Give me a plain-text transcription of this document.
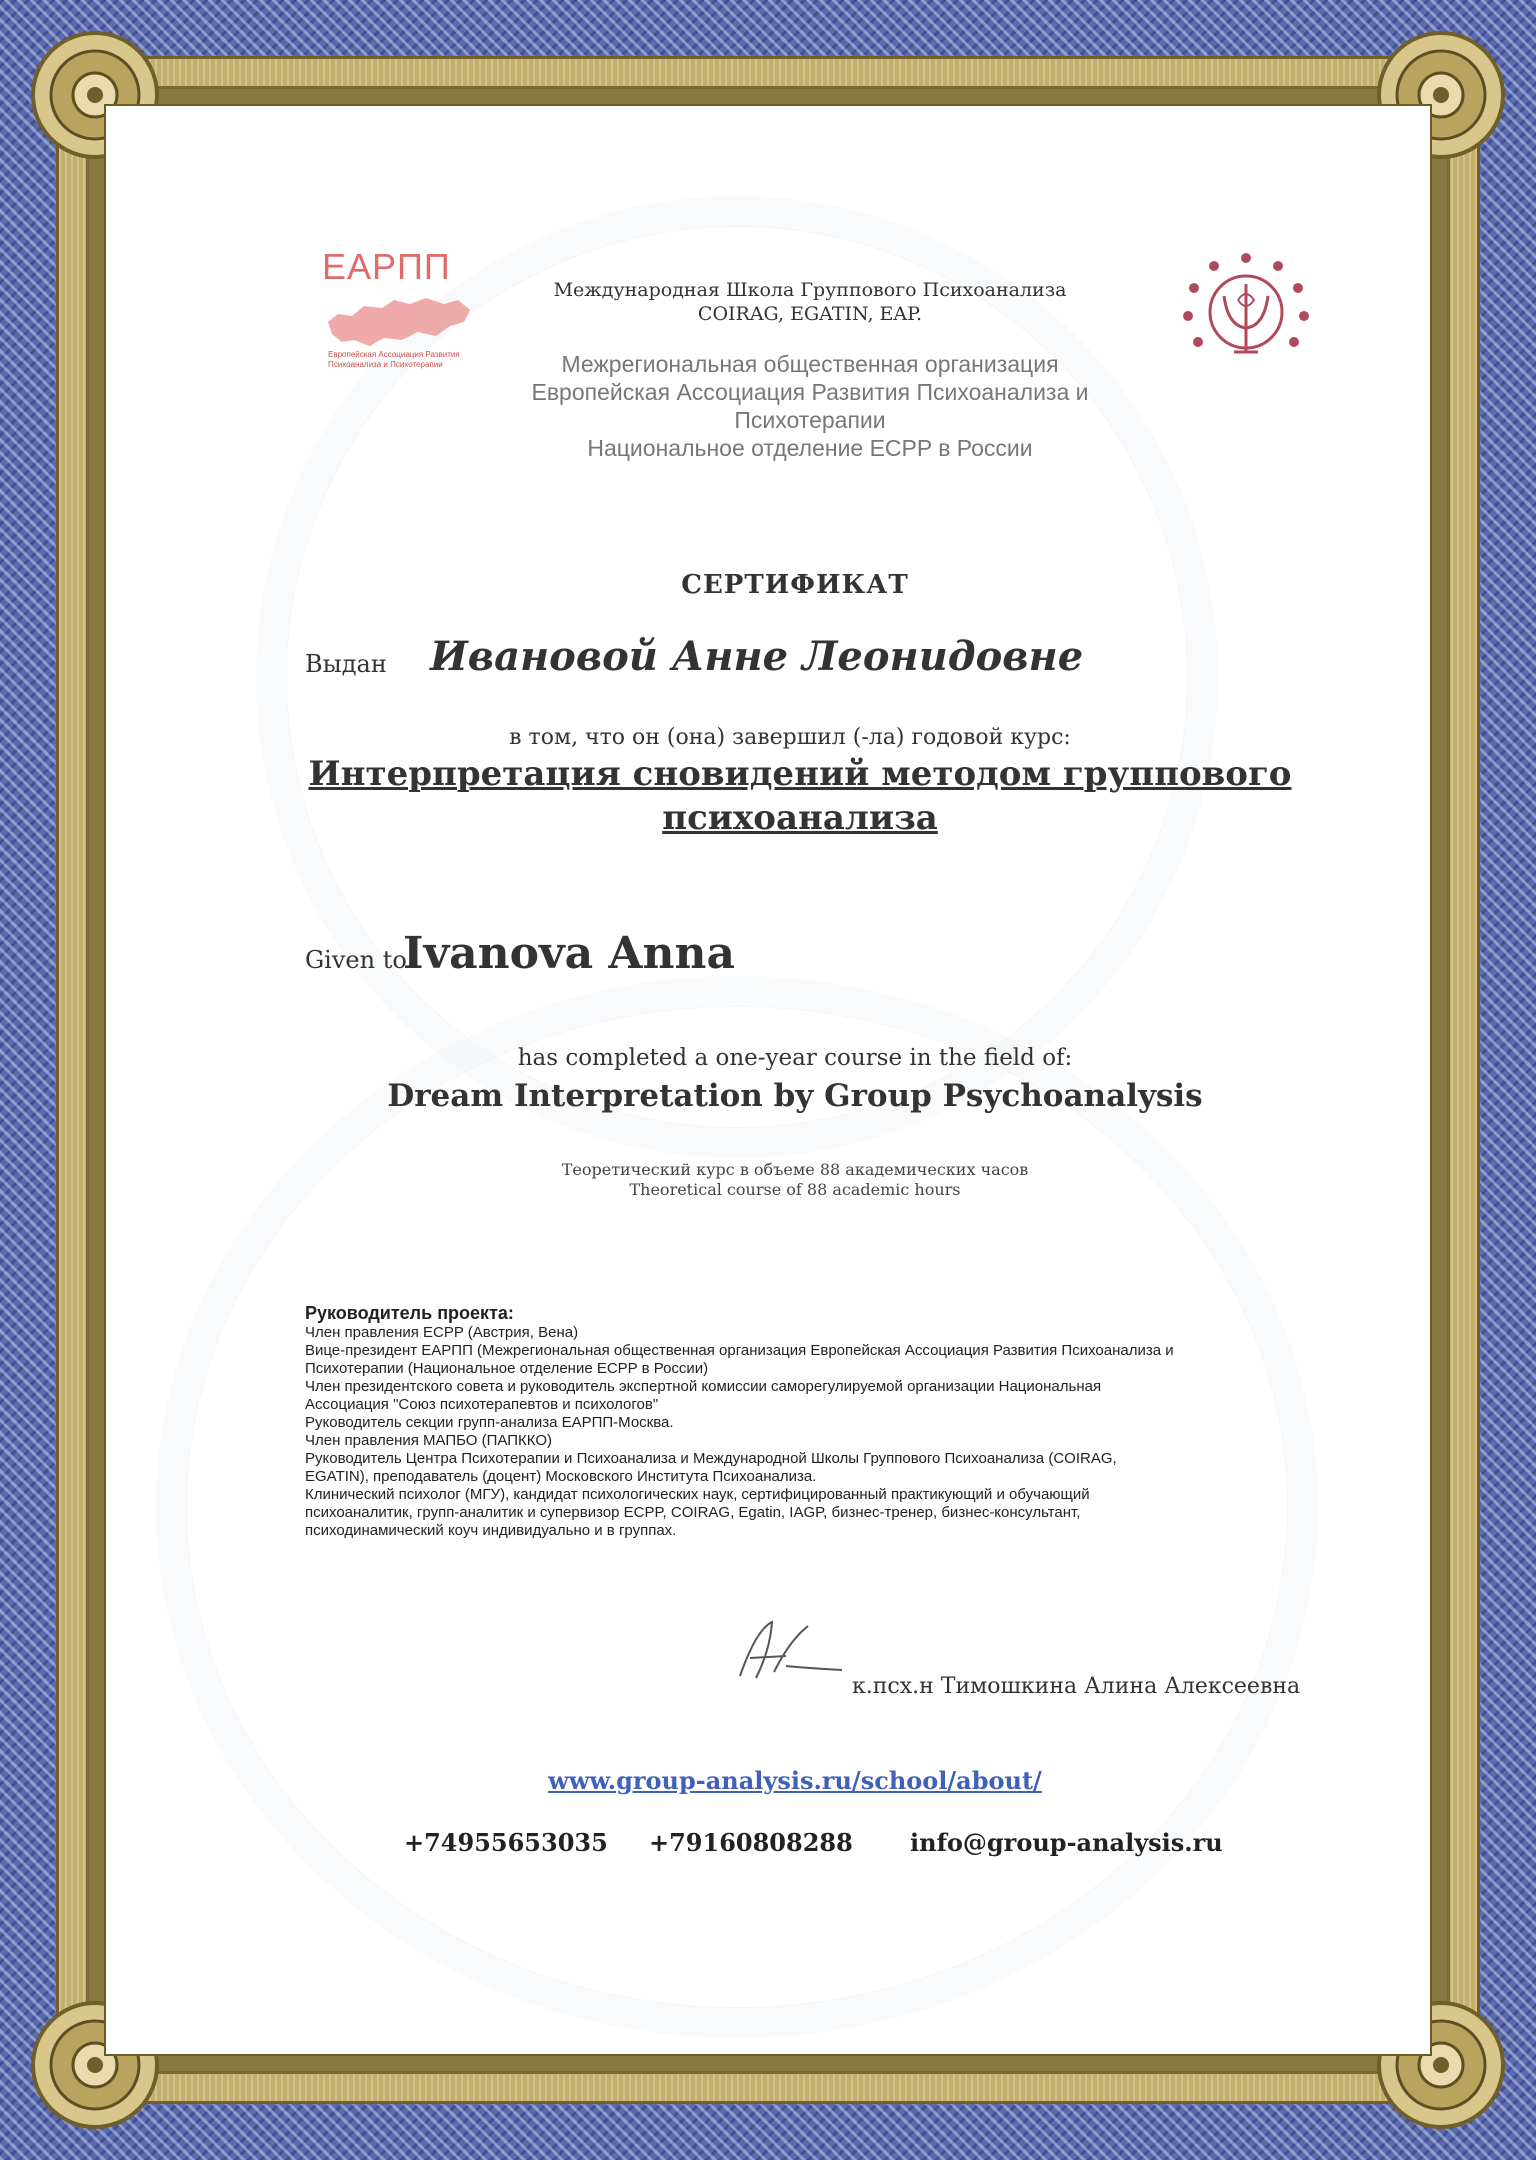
ЕАРПП
Европейская Ассоциация Развития Психоанализа и Психотерапии
Международная Школа Группового Психоанализа
COIRAG, EGATIN, EAP.
Межрегиональная общественная организация
Европейская Ассоциация Развития Психоанализа и
Психотерапии
Национальное отделение ЕСPP в России
СЕРТИФИКАТ
Выдан Ивановой Анне Леонидовне
в том, что он (она) завершил (-ла) годовой курс:
Интерпретация сновидений методом группового
психоанализа
Given to
Ivanova Anna
has completed a one-year course in the field of:
Dream Interpretation by Group Psychoanalysis
Теоретический курс в объеме 88 академических часов
Theoretical course of 88 academic hours
Руководитель проекта:
Член правления ЕСPP (Австрия, Вена)
Вице-президент ЕАРПП (Межрегиональная общественная организация Европейская Ассоциация Развития Психоанализа и
Психотерапии (Национальное отделение ЕСPP в России)
Член президентского совета и руководитель экспертной комиссии саморегулируемой организации Национальная
Ассоциация "Союз психотерапевтов и психологов"
Руководитель секции групп-анализа ЕАРПП-Москва.
Член правления МАПБО (ПАПККО)
Руководитель Центра Психотерапии и Психоанализа и Международной Школы Группового Психоанализа (COIRAG,
EGATIN), преподаватель (доцент) Московского Института Психоанализа.
Клинический психолог (МГУ), кандидат психологических наук, сертифицированный практикующий и обучающий
психоаналитик, групп-аналитик и супервизор ЕСPP, COIRAG, Egatin, IAGP, бизнес-тренер, бизнес-консультант,
психодинамический коуч индивидуально и в группах.
к.псх.н Тимошкина Алина Алексеевна
www.group-analysis.ru/school/about/
+74955653035 +79160808288 info@group-analysis.ru
